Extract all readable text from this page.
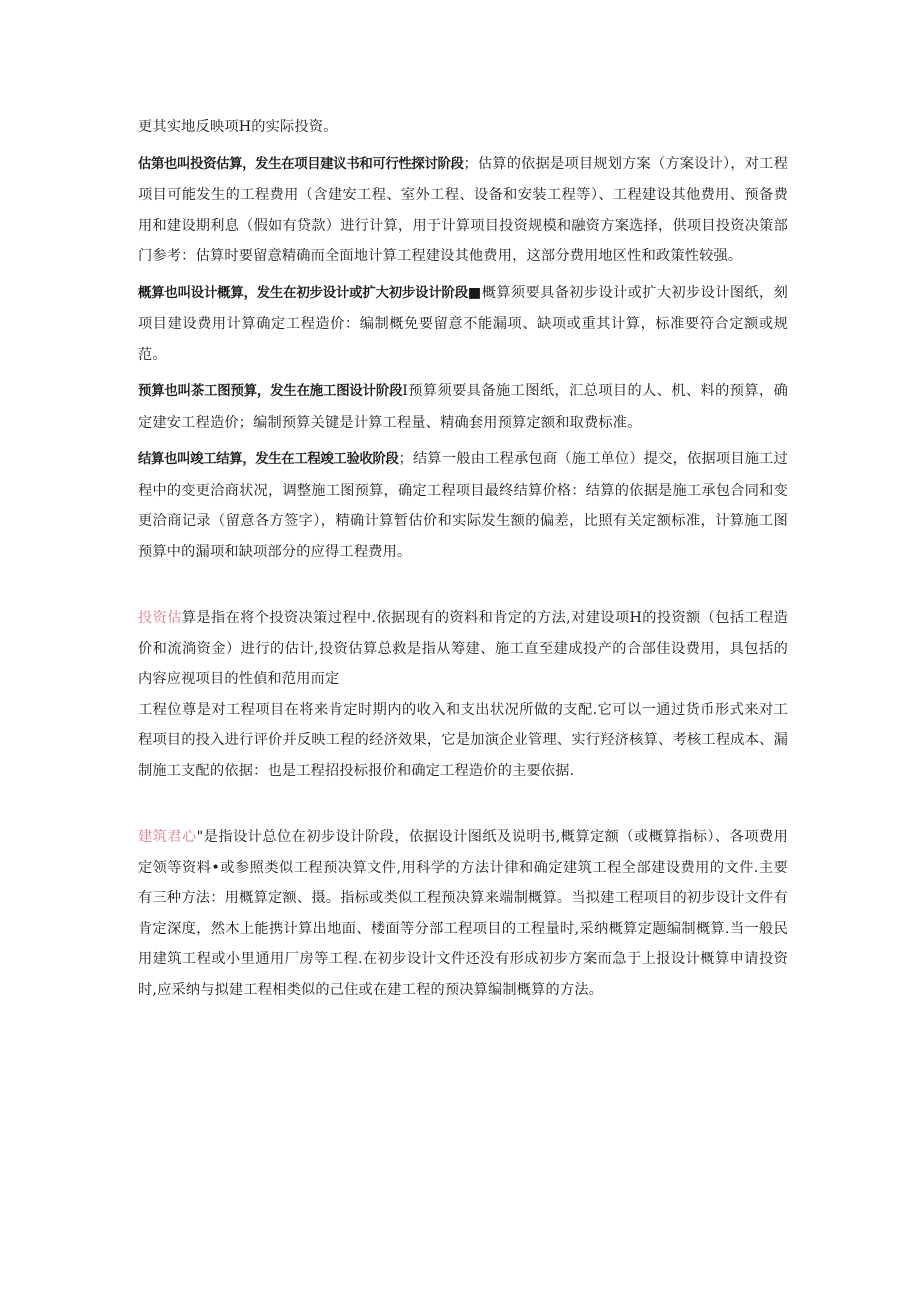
更其实地反映项H的实际投资。

估第也叫投资估算，发生在项目建议书和可行性探讨阶段；估算的依据是项目规划方案（方案设计），对工程项目可能发生的工程费用（含建安工程、室外工程、设备和安装工程等）、工程建设其他费用、预备费用和建设期利息（假如有贷款）进行计算，用于计算项目投资规模和融资方案选择，供项目投资决策部门参考：估算时要留意精确而全面地计算工程建设其他费用，这部分费用地区性和政策性较强。

概算也叫设计概算，发生在初步设计或扩大初步设计阶段■概算须要具备初步设计或扩大初步设计图纸，刻项目建设费用计算确定工程造价：编制概免要留意不能漏项、缺项或重其计算，标准要符合定额或规范。

预算也叫茶工图预算，发生在施工图设计阶段I预算须要具备施工图纸，汇总项目的人、机、料的预算，确定建安工程造价；编制预算关键是计算工程量、精确套用预算定额和取费标准。

结算也叫竣工结算，发生在工程竣工验收阶段；结算一般由工程承包商（施工单位）提交，依据项目施工过程中的变更洽商状况，调整施工图预算，确定工程项目最终结算价格：结算的依据是施工承包合同和变更洽商记录（留意各方签字），精确计算暂估价和实际发生额的偏差，比照有关定额标准，计算施工图预算中的漏项和缺项部分的应得工程费用。

投资估算是指在将个投资决策过程中.依据现有的资料和肯定的方法,对建设项H的投资额（包括工程造价和流淌资金）进行的估计,投资估算总救是指从筹建、施工直至建成投产的合部佳设费用，具包括的内容应视项目的性偵和范用而定

工程位尊是对工程项目在将来肯定时期内的收入和支出状况所做的支配.它可以一通过货币形式来对工程项目的投入进行评价并反映工程的经济效果，它是加演企业管理、实行羟济核算、考核工程成本、漏制施工支配的依据：也是工程招投标报价和确定工程造价的主要依据.

建筑君心"是指设计总位在初步设计阶段，依据设计图纸及说明书,概算定额（或概算指标）、各项费用定领等资料•或参照类似工程预决算文件,用科学的方法计律和确定建筑工程全部建设费用的文件.主要有三种方法：用概算定额、摄。指标或类似工程预决算来端制概算。当拟建工程项目的初步设计文件有肯定深度，然木上能携计算出地面、楼面等分部工程项目的工程量时,采纳概算定题编制概算.当一般民用建筑工程或小里通用厂房等工程.在初步设计文件还没有形成初步方案而急于上报设计概算申请投资时,应采纳与拟建工程相类似的己住或在建工程的预决算编制概算的方法。
